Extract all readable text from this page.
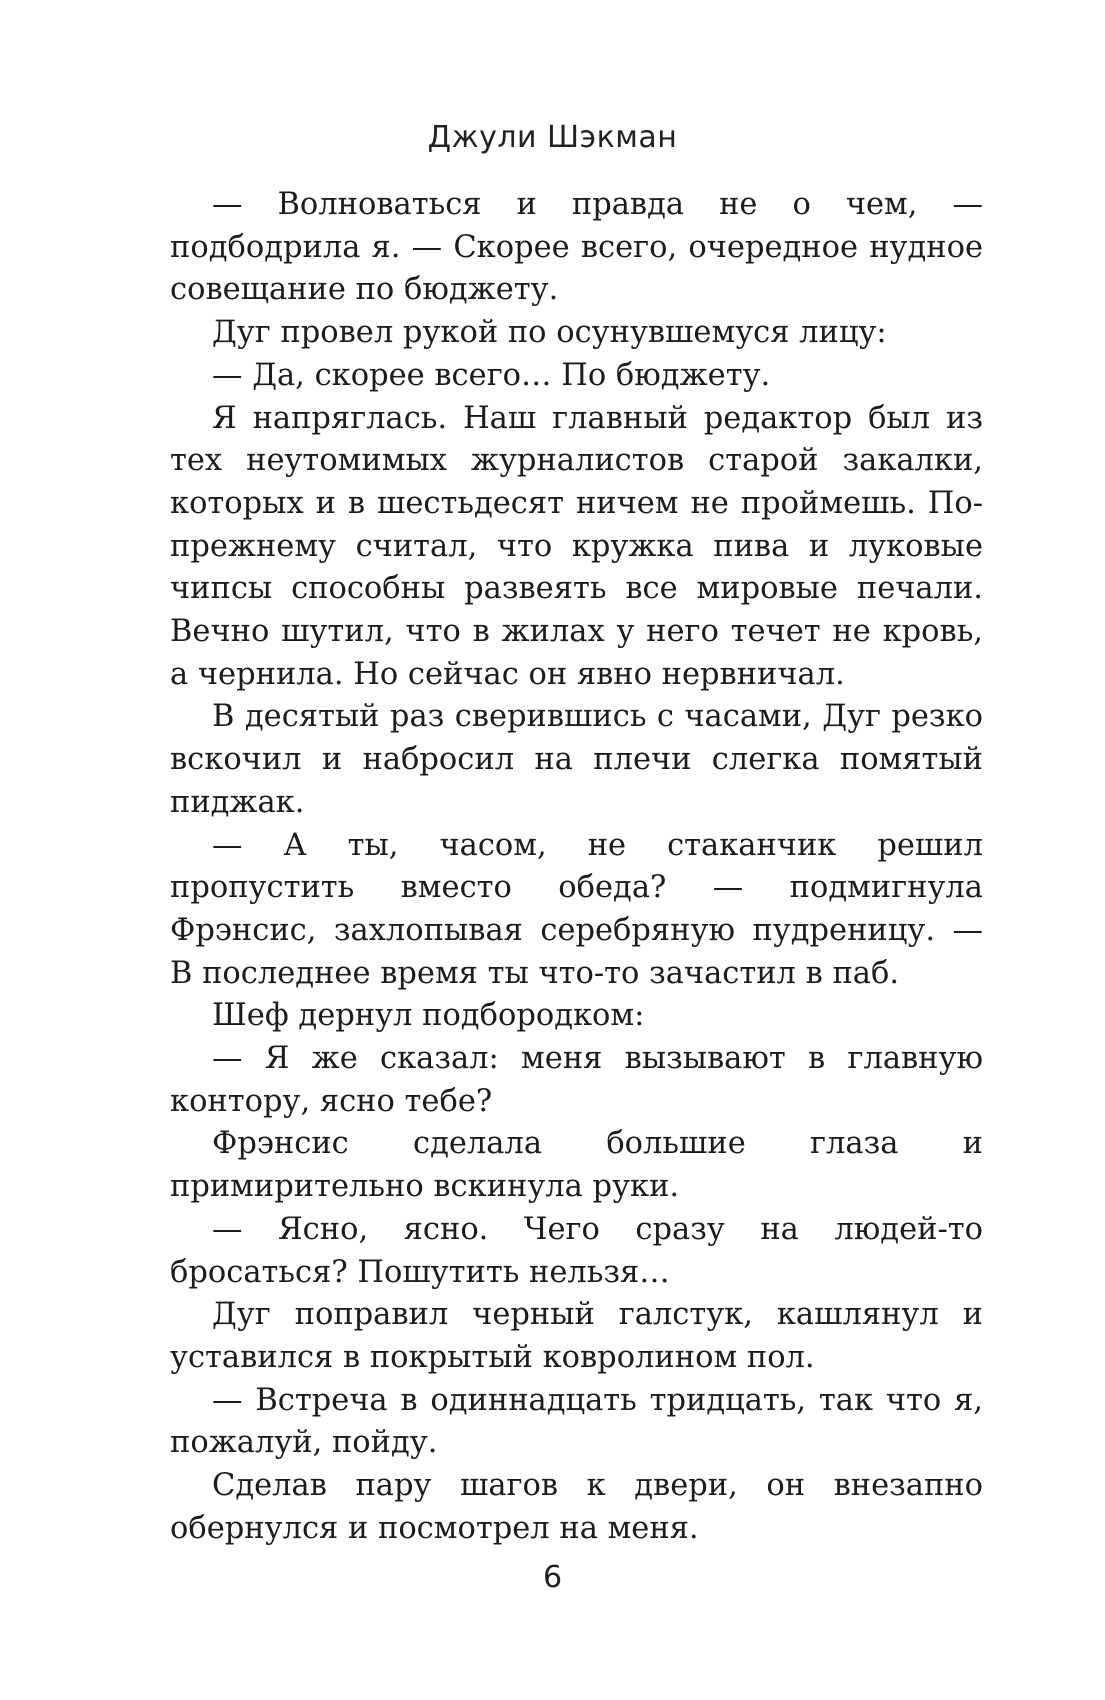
Джули Шэкман

— Волноваться и правда не о чем, — подбодрила я. — Скорее всего, очередное нудное совещание по бюджету.

Дуг провел рукой по осунувшемуся лицу:

— Да, скорее всего… По бюджету.

Я напряглась. Наш главный редактор был из тех неутомимых журналистов старой закалки, которых и в шестьдесят ничем не проймешь. По-прежнему считал, что кружка пива и луковые чипсы способны развеять все мировые печали. Вечно шутил, что в жилах у него течет не кровь, а чернила. Но сейчас он явно нервничал.

В десятый раз сверившись с часами, Дуг резко вскочил и набросил на плечи слегка помятый пиджак.

— А ты, часом, не стаканчик решил пропустить вместо обеда? — подмигнула Фрэнсис, захлопывая серебряную пудреницу. — В последнее время ты что-то зачастил в паб.

Шеф дернул подбородком:

— Я же сказал: меня вызывают в главную контору, ясно тебе?

Фрэнсис сделала большие глаза и примирительно вскинула руки.

— Ясно, ясно. Чего сразу на людей-то бросаться? Пошутить нельзя…

Дуг поправил черный галстук, кашлянул и уставился в покрытый ковролином пол.

— Встреча в одиннадцать тридцать, так что я, пожалуй, пойду.

Сделав пару шагов к двери, он внезапно обернулся и посмотрел на меня.

6
